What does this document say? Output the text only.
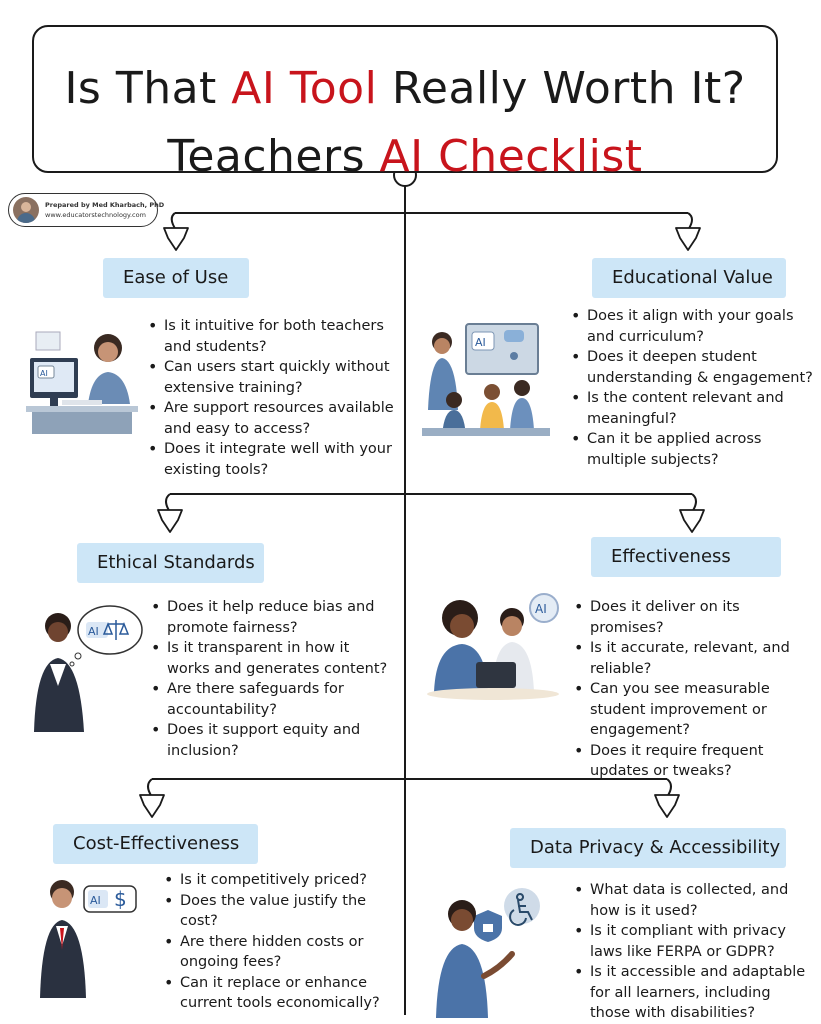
Is That AI Tool Really Worth It?
Teachers AI Checklist
Prepared by Med Kharbach, PhD
www.educatorstechnology.com
Ease of Use	Educational Value
Ethical Standards	Effectiveness
Cost-Effectiveness	Data Privacy & Accessibility
• Is it intuitive for both teachers and students?
• Can users start quickly without extensive training?
• Are support resources available and easy to access?
• Does it integrate well with your existing tools?
• Does it align with your goals and curriculum?
• Does it deepen student understanding & engagement?
• Is the content relevant and meaningful?
• Can it be applied across multiple subjects?
• Does it help reduce bias and promote fairness?
• Is it transparent in how it works and generates content?
• Are there safeguards for accountability?
• Does it support equity and inclusion?
• Does it deliver on its promises?
• Is it accurate, relevant, and reliable?
• Can you see measurable student improvement or engagement?
• Does it require frequent updates or tweaks?
• Is it competitively priced?
• Does the value justify the cost?
• Are there hidden costs or ongoing fees?
• Can it replace or enhance current tools economically?
• What data is collected, and how is it used?
• Is it compliant with privacy laws like FERPA or GDPR?
• Is it accessible and adaptable for all learners, including those with disabilities?
AI
AI
AI
AI
AI $
